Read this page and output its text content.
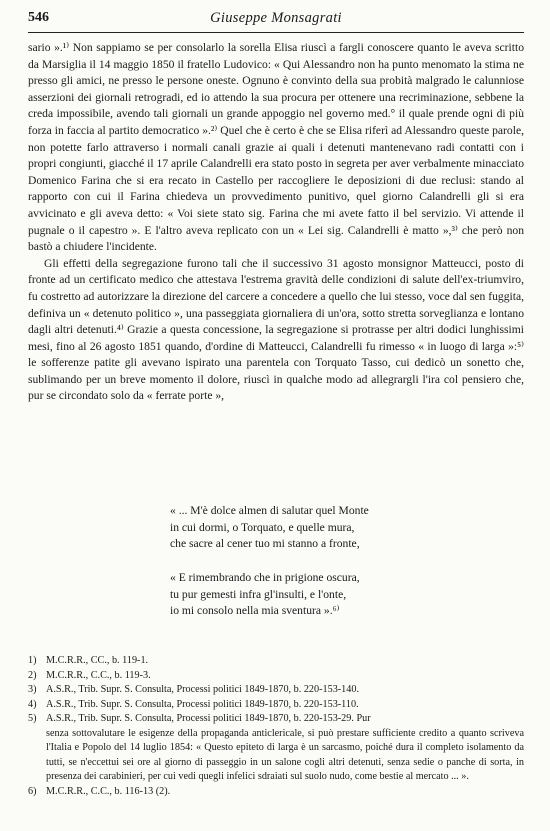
546	Giuseppe Monsagrati

sario ».¹⁾ Non sappiamo se per consolarlo la sorella Elisa riuscì a fargli conoscere quanto le aveva scritto da Marsiglia il 14 maggio 1850 il fratello Ludovico: « Qui Alessandro non ha punto menomato la stima ne presso gli amici, ne presso le persone oneste. Ognuno è convinto della sua probità malgrado le calunniose asserzioni dei giornali retrogradi, ed io attendo la sua procura per ottenere una recriminazione, sebbene la creda impossibile, avendo tali giornali un grande appoggio nel governo med.° il quale prende ogni di più forza in faccia al partito democratico ».²⁾ Quel che è certo è che se Elisa riferì ad Alessandro queste parole, non potette farlo attraverso i normali canali grazie ai quali i detenuti mantenevano radi contatti con i propri congiunti, giacché il 17 aprile Calandrelli era stato posto in segreta per aver verbalmente minacciato Domenico Farina che si era recato in Castello per raccogliere le deposizioni di due reclusi: stando al rapporto con cui il Farina chiedeva un provvedimento punitivo, quel giorno Calandrelli gli si era avvicinato e gli aveva detto: « Voi siete stato sig. Farina che mi avete fatto il bel servizio. Vi attende il pugnale o il capestro ». E l'altro aveva replicato con un « Lei sig. Calandrelli è matto »,³⁾ che però non bastò a chiudere l'incidente.

Gli effetti della segregazione furono tali che il successivo 31 agosto monsignor Matteucci, posto di fronte ad un certificato medico che attestava l'estrema gravità delle condizioni di salute dell'ex-triumviro, fu costretto ad autorizzare la direzione del carcere a concedere a quello che lui stesso, voce dal sen fuggita, definiva un « detenuto politico », una passeggiata giornaliera di un'ora, sotto stretta sorveglianza e lontano dagli altri detenuti.⁴⁾ Grazie a questa concessione, la segregazione si protrasse per altri dodici lunghissimi mesi, fino al 26 agosto 1851 quando, d'ordine di Matteucci, Calandrelli fu rimesso « in luogo di larga »:⁵⁾ le sofferenze patite gli avevano ispirato una parentela con Torquato Tasso, cui dedicò un sonetto che, sublimando per un breve momento il dolore, riuscì in qualche modo ad allegrargli l'ira col pensiero che, pur se circondato solo da « ferrate porte »,

« ... M'è dolce almen di salutar quel Monte
in cui dormi, o Torquato, e quelle mura,
che sacre al cener tuo mi stanno a fronte,
« E rimembrando che in prigione oscura,
tu pur gemesti infra gl'insulti, e l'onte,
io mi consolo nella mia sventura ».⁶⁾
1) M.C.R.R., CC., b. 119-1.
2) M.C.R.R., C.C., b. 119-3.
3) A.S.R., Trib. Supr. S. Consulta, Processi politici 1849-1870, b. 220-153-140.
4) A.S.R., Trib. Supr. S. Consulta, Processi politici 1849-1870, b. 220-153-110.
5) A.S.R., Trib. Supr. S. Consulta, Processi politici 1849-1870, b. 220-153-29. Pur
senza sottovalutare le esigenze della propaganda anticlericale, si può prestare sufficiente credito a quanto scriveva l'Italia e Popolo del 14 luglio 1854: « Questo epiteto di larga è un sarcasmo, poiché dura il completo isolamento da tutti, se n'eccettui sei ore al giorno di passeggio in un salone cogli altri detenuti, senza sedie o panche di sorta, in presenza dei carabinieri, per cui vedi quegli infelici sdraiati sul suolo nudo, come bestie al mercato ... ».
6) M.C.R.R., C.C., b. 116-13 (2).
